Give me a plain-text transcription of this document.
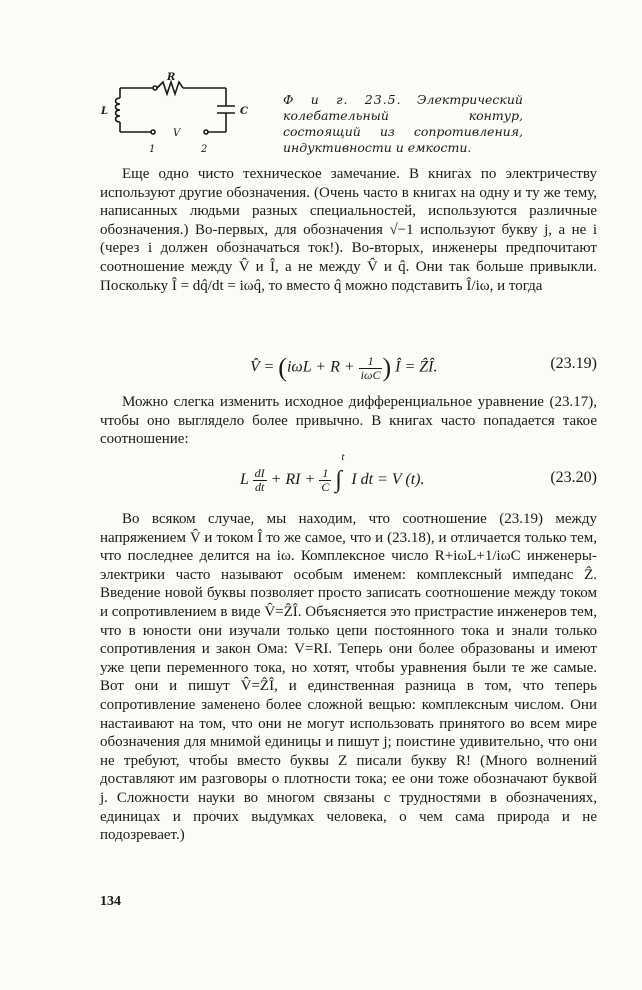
R
L	C
V
1	2
Ф и г. 23.5. Электрический колебательный контур, состоящий из сопротивления, индуктивности и емкости.
Еще одно чисто техническое замечание. В книгах по электричеству используют другие обозначения. (Очень часто в книгах на одну и ту же тему, написанных людьми разных специальностей, используются различные обозначения.) Во-первых, для обозначения √−1 используют букву j, а не i (через i должен обозначаться ток!). Во-вторых, инженеры предпочитают соотношение между V̂ и Î, а не между V̂ и q̂. Они так больше привыкли. Поскольку Î = dq̂/dt = iωq̂, то вместо q̂ можно подставить Î/iω, и тогда
V̂ = ($i\omega L + R + \frac{1}{\text{iωC}}$ ) Î = ẐÎ.	(23.19)
Можно слегка изменить исходное дифференциальное уравнение (23.17), чтобы оно выглядело более привычно. В книгах часто попадается такое соотношение:
L $\frac{dI}{dt}$ + RI + $\frac{1}{C}$ ∫
t
I dt = V (t).	(23.20)
Во всяком случае, мы находим, что соотношение (23.19) между напряжением V̂ и током Î то же самое, что и (23.18), и отличается только тем, что последнее делится на iω. Комплексное число R+iωL+1/iωC инженеры-электрики часто называют особым именем: комплексный импеданс Ẑ. Введение новой буквы позволяет просто записать соотношение между током и сопротивлением в виде V̂=ẐÎ. Объясняется это пристрастие инженеров тем, что в юности они изучали только цепи постоянного тока и знали только сопротивления и закон Ома: V=RI. Теперь они более образованы и имеют уже цепи переменного тока, но хотят, чтобы уравнения были те же самые. Вот они и пишут V̂=ẐÎ, и единственная разница в том, что теперь сопротивление заменено более сложной вещью: комплексным числом. Они настаивают на том, что они не могут использовать принятого во всем мире обозначения для мнимой единицы и пишут j; поистине удивительно, что они не требуют, чтобы вместо буквы Z писали букву R! (Много волнений доставляют им разговоры о плотности тока; ее они тоже обозначают буквой j. Сложности науки во многом связаны с трудностями в обозначениях, единицах и прочих выдумках человека, о чем сама природа и не подозревает.)
134
